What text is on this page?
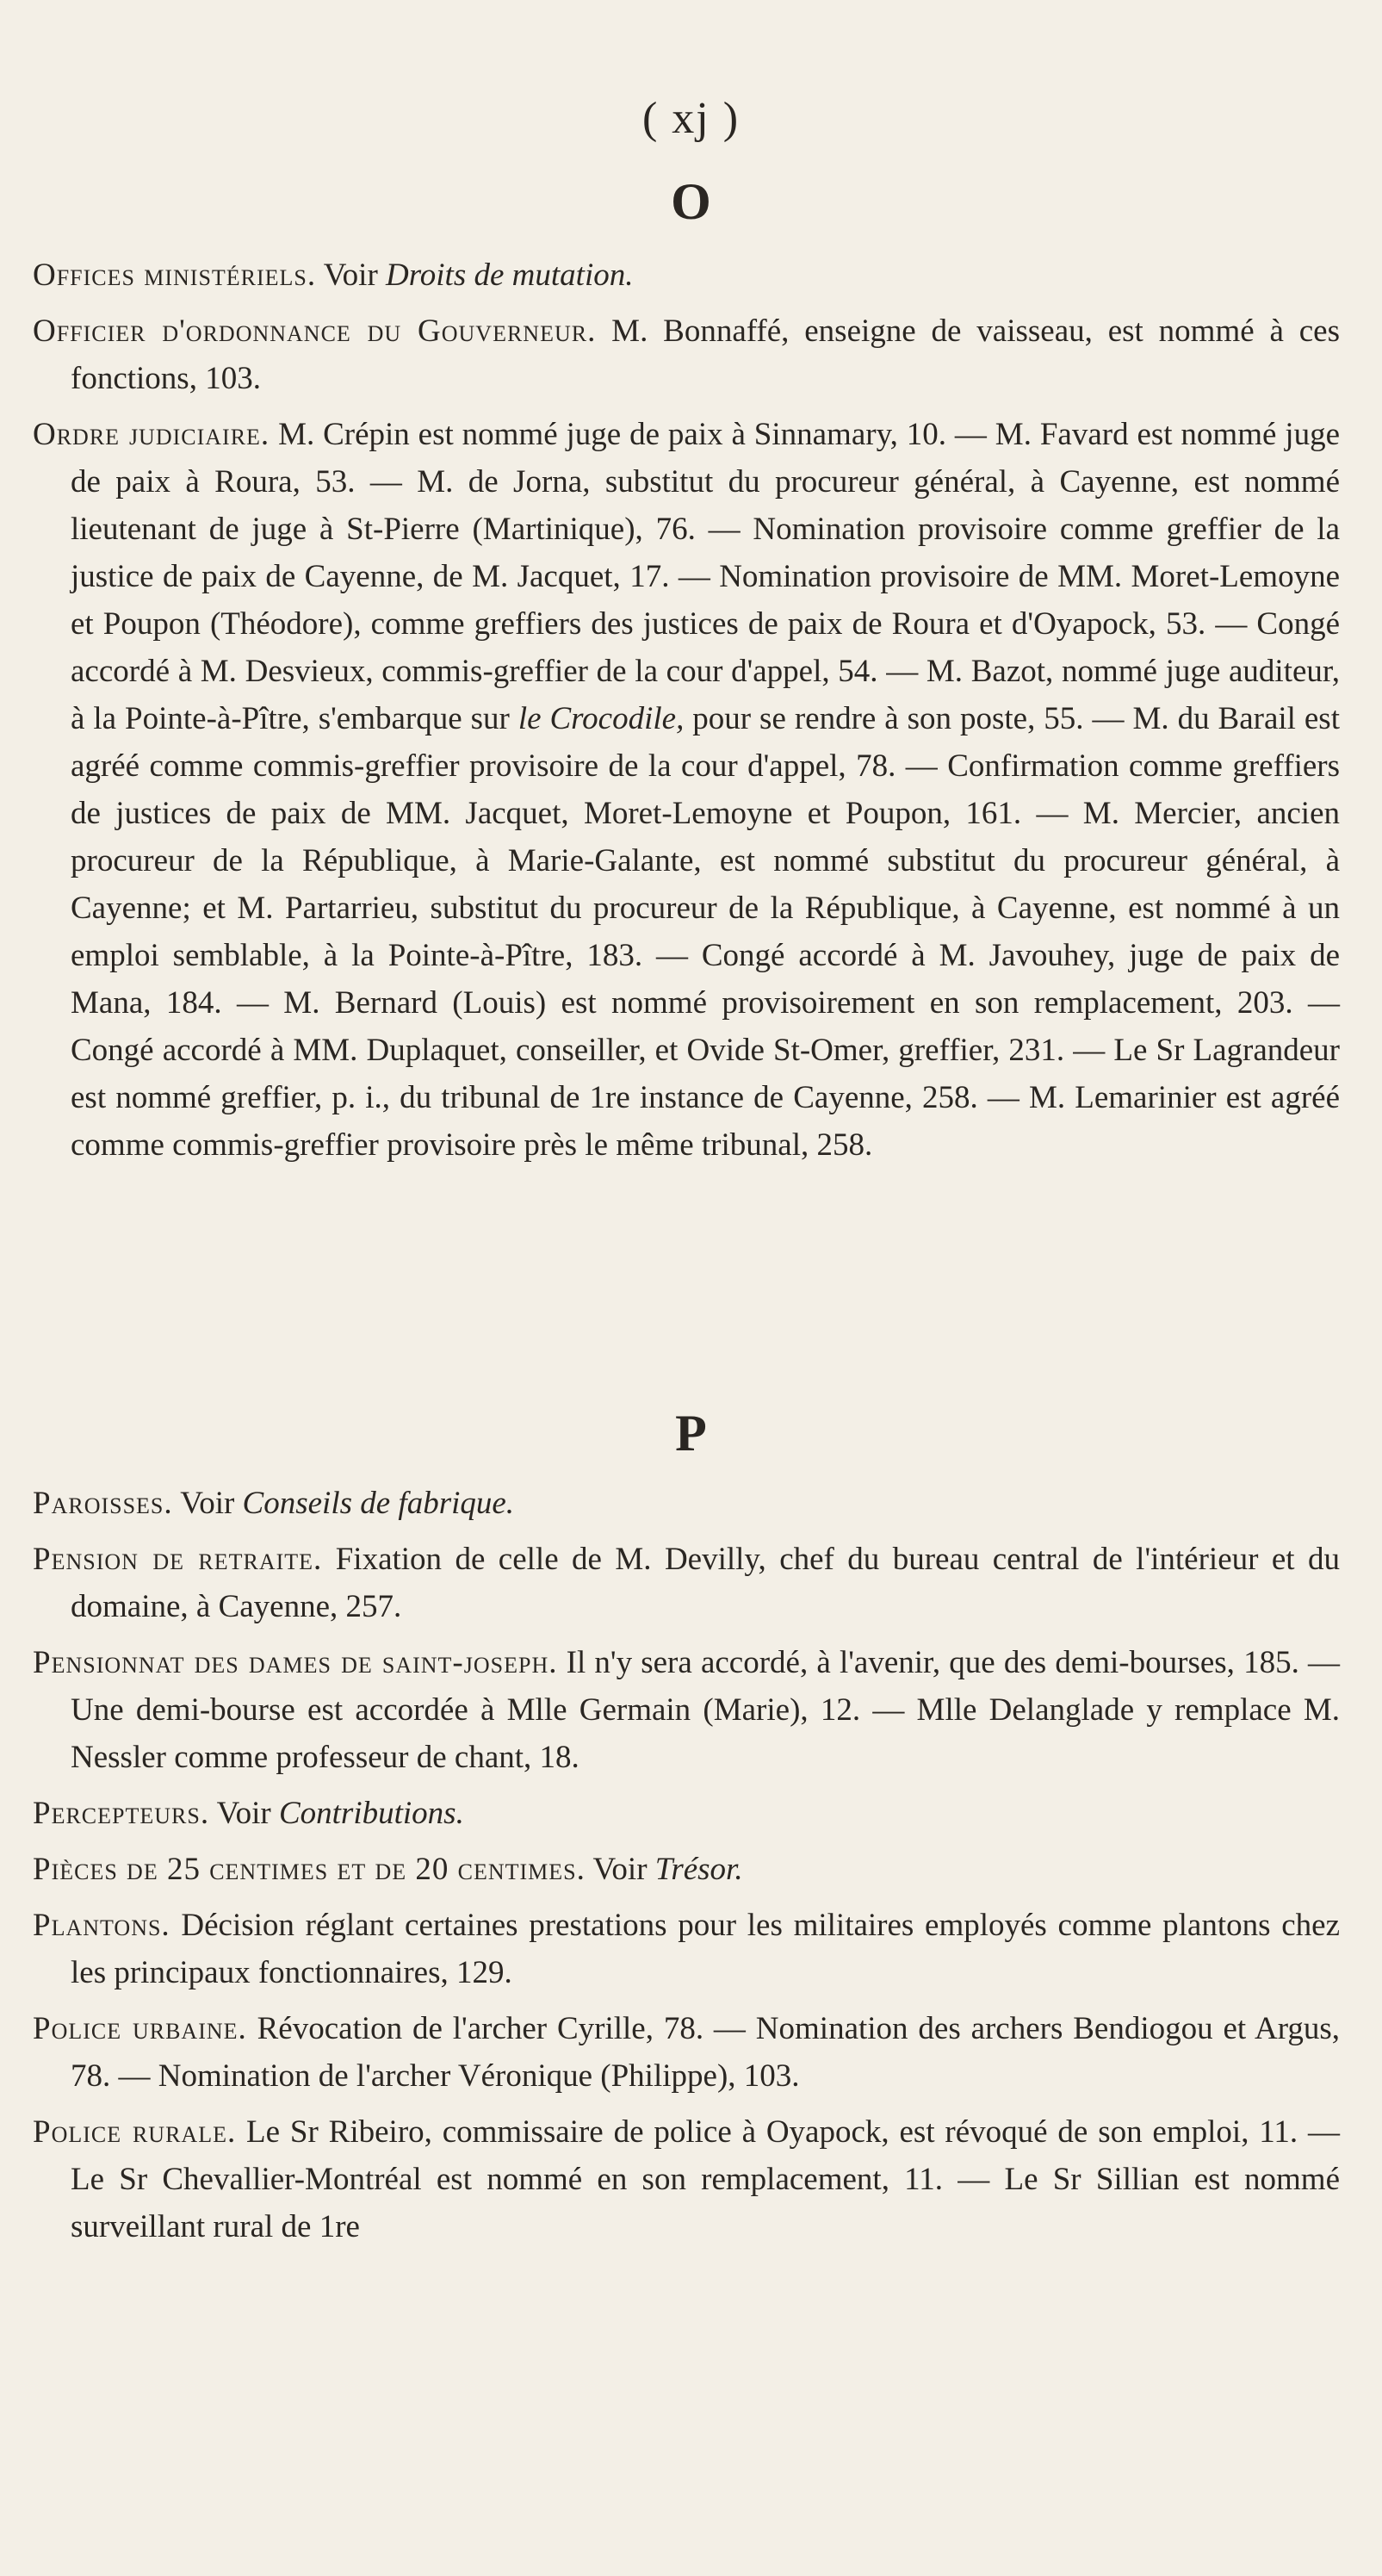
( xj )
O

Offices ministériels. Voir Droits de mutation.

Officier d'ordonnance du Gouverneur. M. Bonnaffé, enseigne de vaisseau, est nommé à ces fonctions, 103.

Ordre judiciaire. M. Crépin est nommé juge de paix à Sinnamary, 10. — M. Favard est nommé juge de paix à Roura, 53. — M. de Jorna, substitut du procureur général, à Cayenne, est nommé lieutenant de juge à St-Pierre (Martinique), 76. — Nomination provisoire comme greffier de la justice de paix de Cayenne, de M. Jacquet, 17. — Nomination provisoire de MM. Moret-Lemoyne et Poupon (Théodore), comme greffiers des justices de paix de Roura et d'Oyapock, 53. — Congé accordé à M. Desvieux, commis-greffier de la cour d'appel, 54. — M. Bazot, nommé juge auditeur, à la Pointe-à-Pître, s'embarque sur le Crocodile, pour se rendre à son poste, 55. — M. du Barail est agréé comme commis-greffier provisoire de la cour d'appel, 78. — Confirmation comme greffiers de justices de paix de MM. Jacquet, Moret-Lemoyne et Poupon, 161. — M. Mercier, ancien procureur de la République, à Marie-Galante, est nommé substitut du procureur général, à Cayenne; et M. Partarrieu, substitut du procureur de la République, à Cayenne, est nommé à un emploi semblable, à la Pointe-à-Pître, 183. — Congé accordé à M. Javouhey, juge de paix de Mana, 184. — M. Bernard (Louis) est nommé provisoirement en son remplacement, 203. — Congé accordé à MM. Duplaquet, conseiller, et Ovide St-Omer, greffier, 231. — Le Sr Lagrandeur est nommé greffier, p. i., du tribunal de 1re instance de Cayenne, 258. — M. Lemarinier est agréé comme commis-greffier provisoire près le même tribunal, 258.

P

Paroisses. Voir Conseils de fabrique.

Pension de retraite. Fixation de celle de M. Devilly, chef du bureau central de l'intérieur et du domaine, à Cayenne, 257.

Pensionnat des dames de saint-joseph. Il n'y sera accordé, à l'avenir, que des demi-bourses, 185. — Une demi-bourse est accordée à Mlle Germain (Marie), 12. — Mlle Delanglade y remplace M. Nessler comme professeur de chant, 18.

Percepteurs. Voir Contributions.

Pièces de 25 centimes et de 20 centimes. Voir Trésor.

Plantons. Décision réglant certaines prestations pour les militaires employés comme plantons chez les principaux fonctionnaires, 129.

Police urbaine. Révocation de l'archer Cyrille, 78. — Nomination des archers Bendiogou et Argus, 78. — Nomination de l'archer Véronique (Philippe), 103.

Police rurale. Le Sr Ribeiro, commissaire de police à Oyapock, est révoqué de son emploi, 11. — Le Sr Chevallier-Montréal est nommé en son remplacement, 11. — Le Sr Sillian est nommé surveillant rural de 1re
